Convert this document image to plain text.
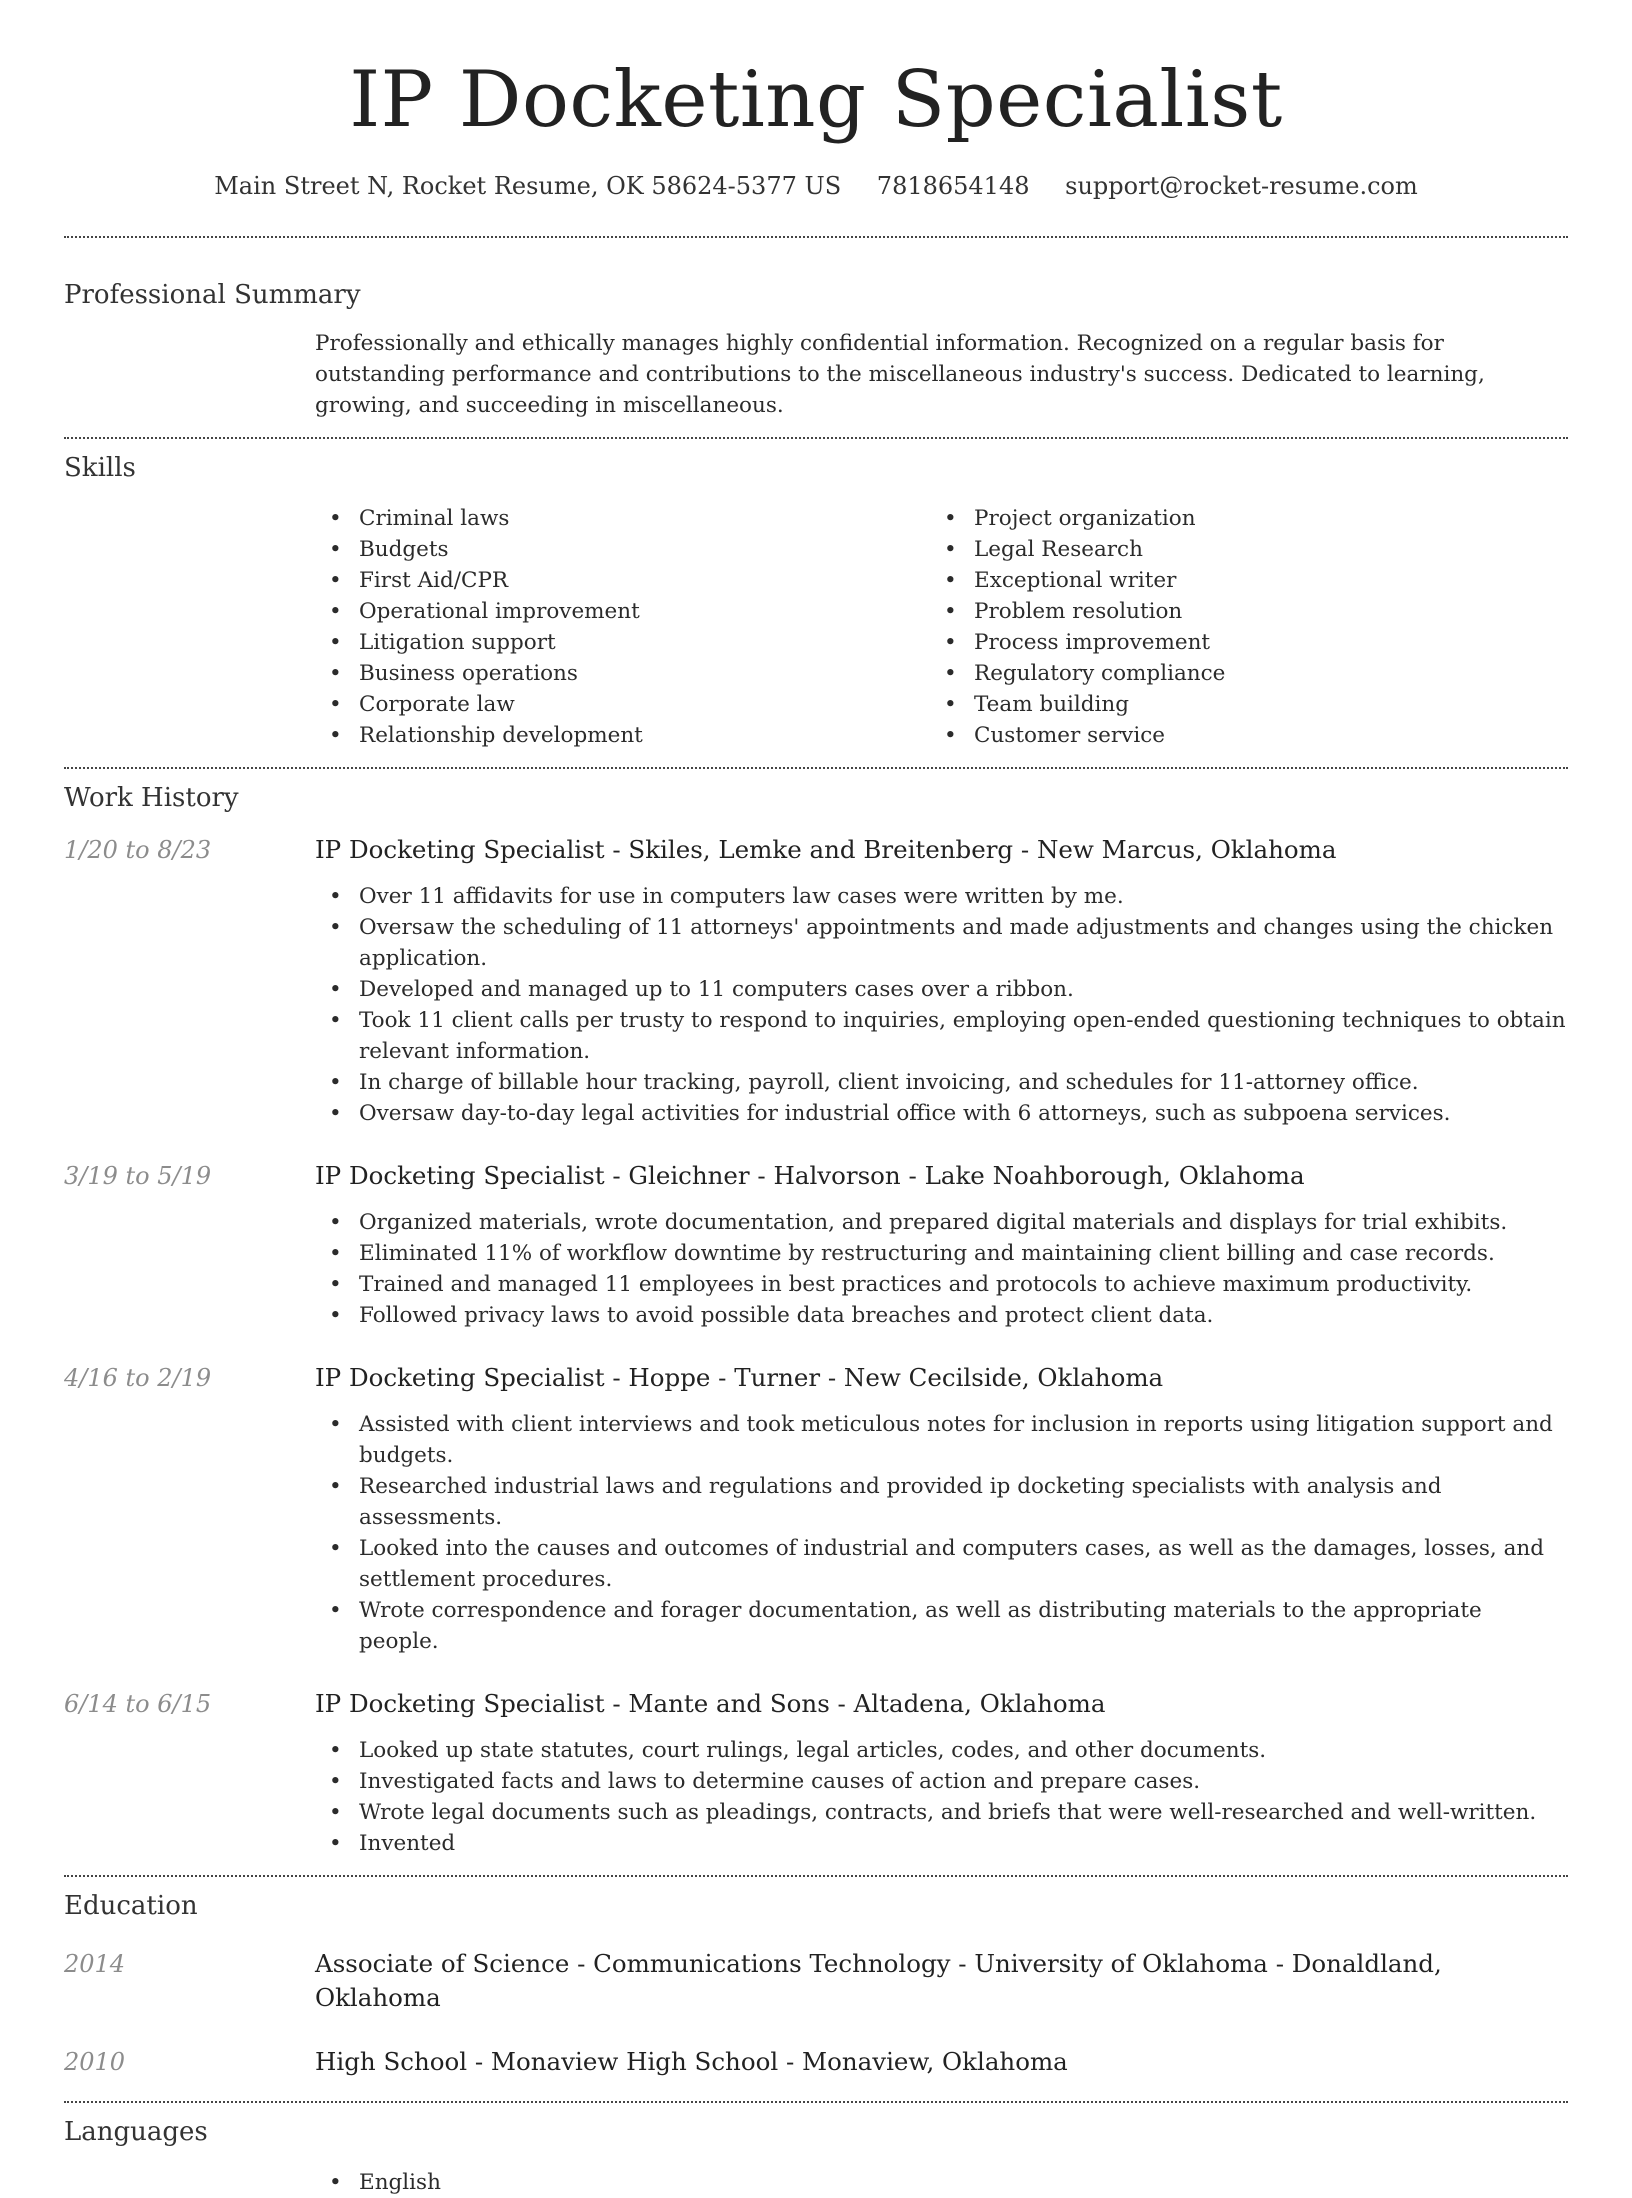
IP Docketing Specialist
Main Street N, Rocket Resume, OK 58624-5377 US 7818654148 support@rocket-resume.com
Professional Summary

Professionally and ethically manages highly confidential information. Recognized on a regular basis for outstanding performance and contributions to the miscellaneous industry's success. Dedicated to learning, growing, and succeeding in miscellaneous.

Skills
• Criminal laws
• Budgets
• First Aid/CPR
• Operational improvement
• Litigation support
• Business operations
• Corporate law
• Relationship development
• Project organization
• Legal Research
• Exceptional writer
• Problem resolution
• Process improvement
• Regulatory compliance
• Team building
• Customer service
Work History
1/20 to 8/23	IP Docketing Specialist - Skiles, Lemke and Breitenberg - New Marcus, Oklahoma
• Over 11 affidavits for use in computers law cases were written by me.
• Oversaw the scheduling of 11 attorneys' appointments and made adjustments and changes using the chicken application.
• Developed and managed up to 11 computers cases over a ribbon.
• Took 11 client calls per trusty to respond to inquiries, employing open-ended questioning techniques to obtain relevant information.
• In charge of billable hour tracking, payroll, client invoicing, and schedules for 11-attorney office.
• Oversaw day-to-day legal activities for industrial office with 6 attorneys, such as subpoena services.
3/19 to 5/19	IP Docketing Specialist - Gleichner - Halvorson - Lake Noahborough, Oklahoma
• Organized materials, wrote documentation, and prepared digital materials and displays for trial exhibits.
• Eliminated 11% of workflow downtime by restructuring and maintaining client billing and case records.
• Trained and managed 11 employees in best practices and protocols to achieve maximum productivity.
• Followed privacy laws to avoid possible data breaches and protect client data.
4/16 to 2/19	IP Docketing Specialist - Hoppe - Turner - New Cecilside, Oklahoma
• Assisted with client interviews and took meticulous notes for inclusion in reports using litigation support and budgets.
• Researched industrial laws and regulations and provided ip docketing specialists with analysis and assessments.
• Looked into the causes and outcomes of industrial and computers cases, as well as the damages, losses, and settlement procedures.
• Wrote correspondence and forager documentation, as well as distributing materials to the appropriate people.
6/14 to 6/15	IP Docketing Specialist - Mante and Sons - Altadena, Oklahoma
• Looked up state statutes, court rulings, legal articles, codes, and other documents.
• Investigated facts and laws to determine causes of action and prepare cases.
• Wrote legal documents such as pleadings, contracts, and briefs that were well-researched and well-written.
• Invented
Education
2014	Associate of Science - Communications Technology - University of Oklahoma - Donaldland, Oklahoma
2010	High School - Monaview High School - Monaview, Oklahoma
Languages
• English
